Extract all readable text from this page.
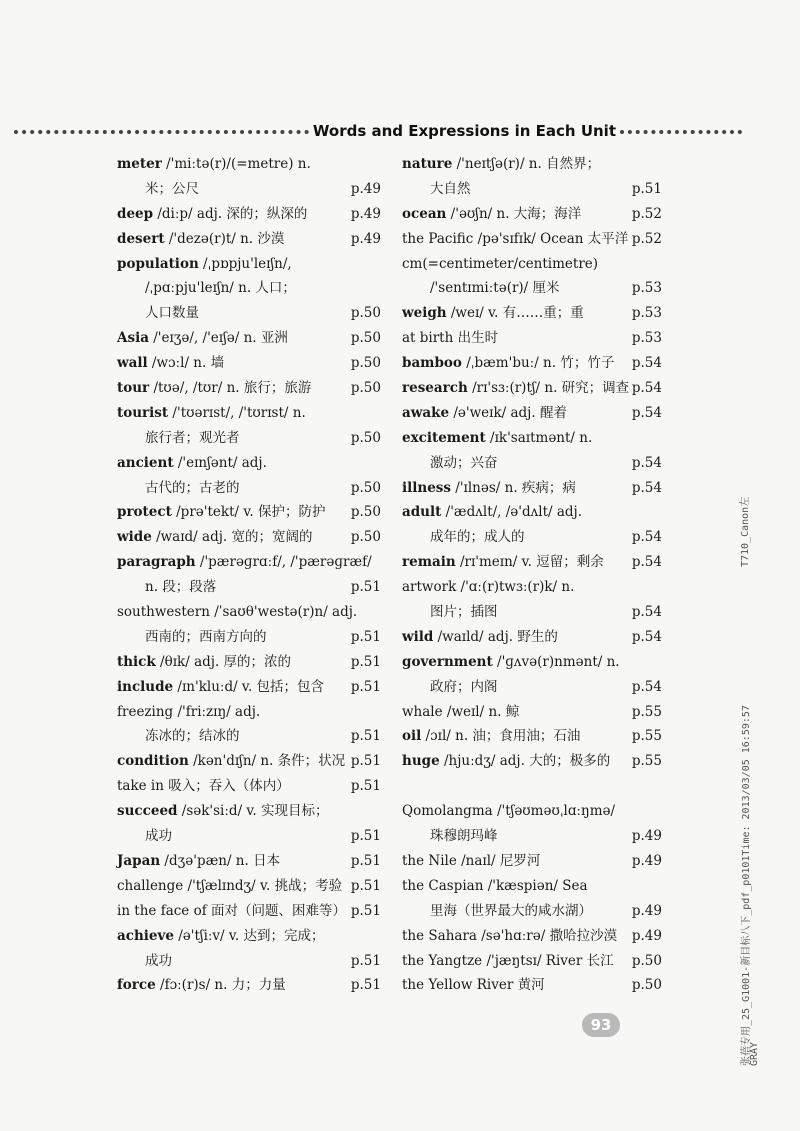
Words and Expressions in Each Unit
meter /'miːtə(r)/(=metre) n.
米；公尺	p.49
deep /diːp/ adj. 深的；纵深的	p.49
desert /'dezə(r)t/ n. 沙漠	p.49
population /ˌpɒpju'leɪʃn/,
/ˌpɑːpju'leɪʃn/ n. 人口；
人口数量	p.50
Asia /'eɪʒə/, /'eɪʃə/ n. 亚洲	p.50
wall /wɔːl/ n. 墙	p.50
tour /tʊə/, /tʊr/ n. 旅行；旅游	p.50
tourist /'tʊərɪst/, /'tʊrɪst/ n.
旅行者；观光者	p.50
ancient /'eɪnʃənt/ adj.
古代的；古老的	p.50
protect /prə'tekt/ v. 保护；防护 p.50
wide /waɪd/ adj. 宽的；宽阔的	p.50
paragraph /'pærəɡrɑːf/, /'pærəɡræf/
n. 段；段落	p.51
southwestern /ˈsaʊθ'westə(r)n/ adj.
西南的；西南方向的	p.51
thick /θɪk/ adj. 厚的；浓的	p.51
include /ɪn'kluːd/ v. 包括；包含 p.51
freezing /'friːzɪŋ/ adj.
冻冰的；结冰的	p.51
condition /kən'dɪʃn/ n. 条件；状况 p.51
take in 吸入；吞入（体内）	p.51
succeed /sək'siːd/ v. 实现目标；
成功	p.51
Japan /dʒə'pæn/ n. 日本	p.51
challenge /'tʃælɪndʒ/ v. 挑战；考验 p.51
in the face of 面对（问题、困难等） p.51
achieve /ə'tʃiːv/ v. 达到；完成；
成功	p.51
force /fɔː(r)s/ n. 力；力量	p.51
nature /'neɪtʃə(r)/ n. 自然界；
大自然	p.51
ocean /'əʊʃn/ n. 大海；海洋	p.52
the Pacific /pə'sɪfɪk/ Ocean 太平洋 p.52
cm(=centimeter/centimetre)
/'sentɪmiːtə(r)/ 厘米	p.53
weigh /weɪ/ v. 有……重；重	p.53
at birth 出生时	p.53
bamboo /ˌbæm'buː/ n. 竹；竹子 p.54
research /rɪ'sɜː(r)tʃ/ n. 研究；调查 p.54
awake /ə'weɪk/ adj. 醒着	p.54
excitement /ɪk'saɪtmənt/ n.
激动；兴奋	p.54
illness /'ɪlnəs/ n. 疾病；病	p.54
adult /'ædʌlt/, /ə'dʌlt/ adj.
成年的；成人的	p.54
remain /rɪ'meɪn/ v. 逗留；剩余 p.54
artwork /'ɑː(r)twɜː(r)k/ n.
图片；插图	p.54
wild /waɪld/ adj. 野生的	p.54
government /'ɡʌvə(r)nmənt/ n.
政府；内阁	p.54
whale /weɪl/ n. 鲸	p.55
oil /ɔɪl/ n. 油；食用油；石油	p.55
huge /hjuːdʒ/ adj. 大的；极多的 p.55
Qomolangma /'tʃəʊməʊˌlɑːŋmə/
珠穆朗玛峰	p.49
the Nile /naɪl/ 尼罗河	p.49
the Caspian /'kæspiən/ Sea
里海（世界最大的咸水湖）	p.49
the Sahara /sə'hɑːrə/ 撒哈拉沙漠 p.49
the Yangtze /'jæŋtsɪ/ River 长江 p.50
the Yellow River 黄河	p.50
93
T710_Canon左
张蓓专用_25_G1001-新目标八下_pdf_p0101Time: 2013/03/05 16:59:57
GRAY
